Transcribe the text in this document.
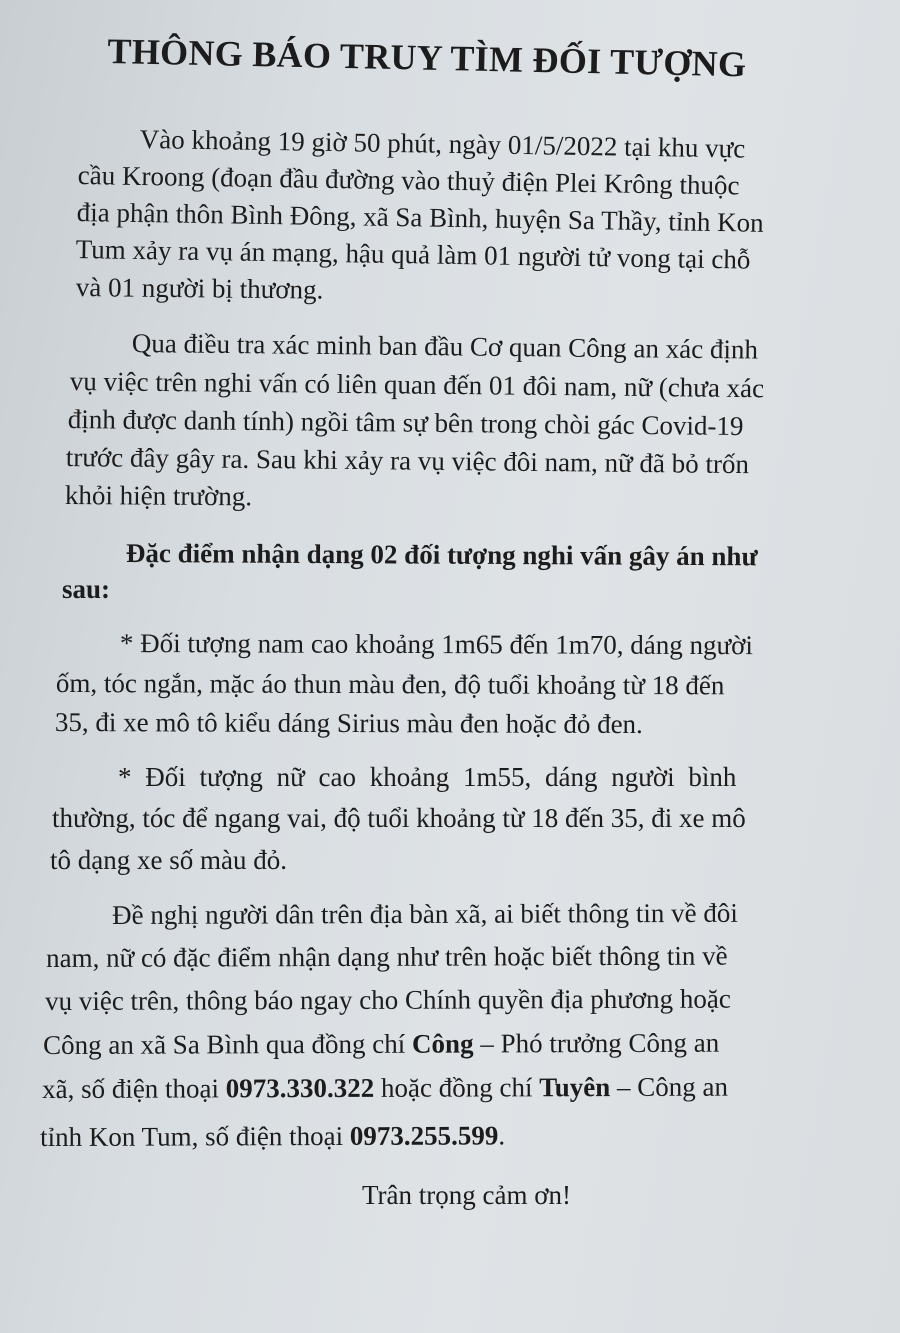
THÔNG BÁO TRUY TÌM ĐỐI TƯỢNG
Vào khoảng 19 giờ 50 phút, ngày 01/5/2022 tại khu vực
cầu Kroong (đoạn đầu đường vào thuỷ điện Plei Krông thuộc
địa phận thôn Bình Đông, xã Sa Bình, huyện Sa Thầy, tỉnh Kon
Tum xảy ra vụ án mạng, hậu quả làm 01 người tử vong tại chỗ
và 01 người bị thương.
Qua điều tra xác minh ban đầu Cơ quan Công an xác định
vụ việc trên nghi vấn có liên quan đến 01 đôi nam, nữ (chưa xác
định được danh tính) ngồi tâm sự bên trong chòi gác Covid-19
trước đây gây ra. Sau khi xảy ra vụ việc đôi nam, nữ đã bỏ trốn
khỏi hiện trường.
Đặc điểm nhận dạng 02 đối tượng nghi vấn gây án như
sau:
* Đối tượng nam cao khoảng 1m65 đến 1m70, dáng người
ốm, tóc ngắn, mặc áo thun màu đen, độ tuổi khoảng từ 18 đến
35, đi xe mô tô kiểu dáng Sirius màu đen hoặc đỏ đen.
* Đối tượng nữ cao khoảng 1m55, dáng người bình
thường, tóc để ngang vai, độ tuổi khoảng từ 18 đến 35, đi xe mô
tô dạng xe số màu đỏ.
Đề nghị người dân trên địa bàn xã, ai biết thông tin về đôi
nam, nữ có đặc điểm nhận dạng như trên hoặc biết thông tin về
vụ việc trên, thông báo ngay cho Chính quyền địa phương hoặc
Công an xã Sa Bình qua đồng chí Công – Phó trưởng Công an
xã, số điện thoại 0973.330.322 hoặc đồng chí Tuyên – Công an
tỉnh Kon Tum, số điện thoại 0973.255.599.
Trân trọng cảm ơn!
